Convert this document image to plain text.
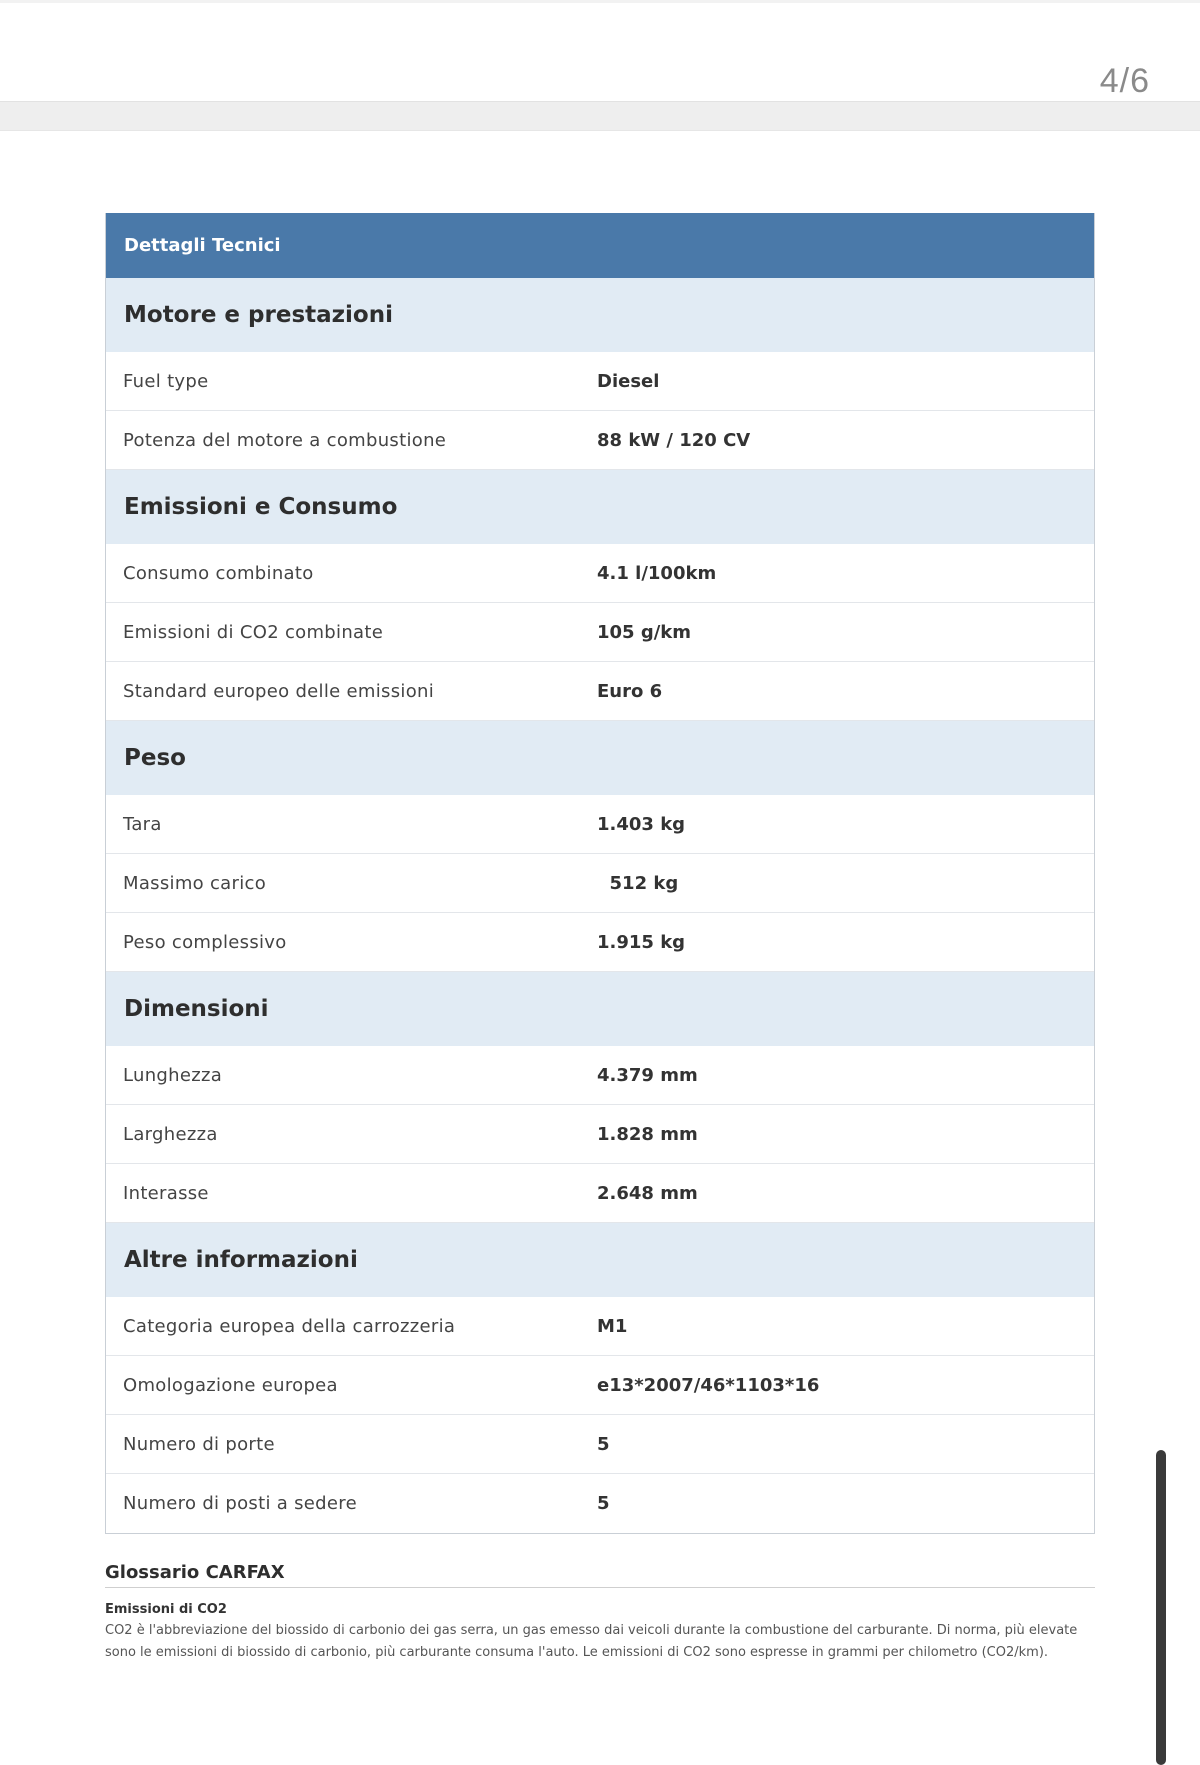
4/6
Dettagli Tecnici
Motore e prestazioni
Fuel type	Diesel
Potenza del motore a combustione	88 kW / 120 CV
Emissioni e Consumo
Consumo combinato	4.1 l/100km
Emissioni di CO2 combinate	105 g/km
Standard europeo delle emissioni	Euro 6
Peso
Tara	1.403 kg
Massimo carico	512 kg
Peso complessivo	1.915 kg
Dimensioni
Lunghezza	4.379 mm
Larghezza	1.828 mm
Interasse	2.648 mm
Altre informazioni
Categoria europea della carrozzeria	M1
Omologazione europea	e13*2007/46*1103*16
Numero di porte	5
Numero di posti a sedere	5
Glossario CARFAX
Emissioni di CO2
CO2 è l'abbreviazione del biossido di carbonio dei gas serra, un gas emesso dai veicoli durante la combustione del carburante. Di norma, più elevate sono le emissioni di biossido di carbonio, più carburante consuma l'auto. Le emissioni di CO2 sono espresse in grammi per chilometro (CO2/km).
